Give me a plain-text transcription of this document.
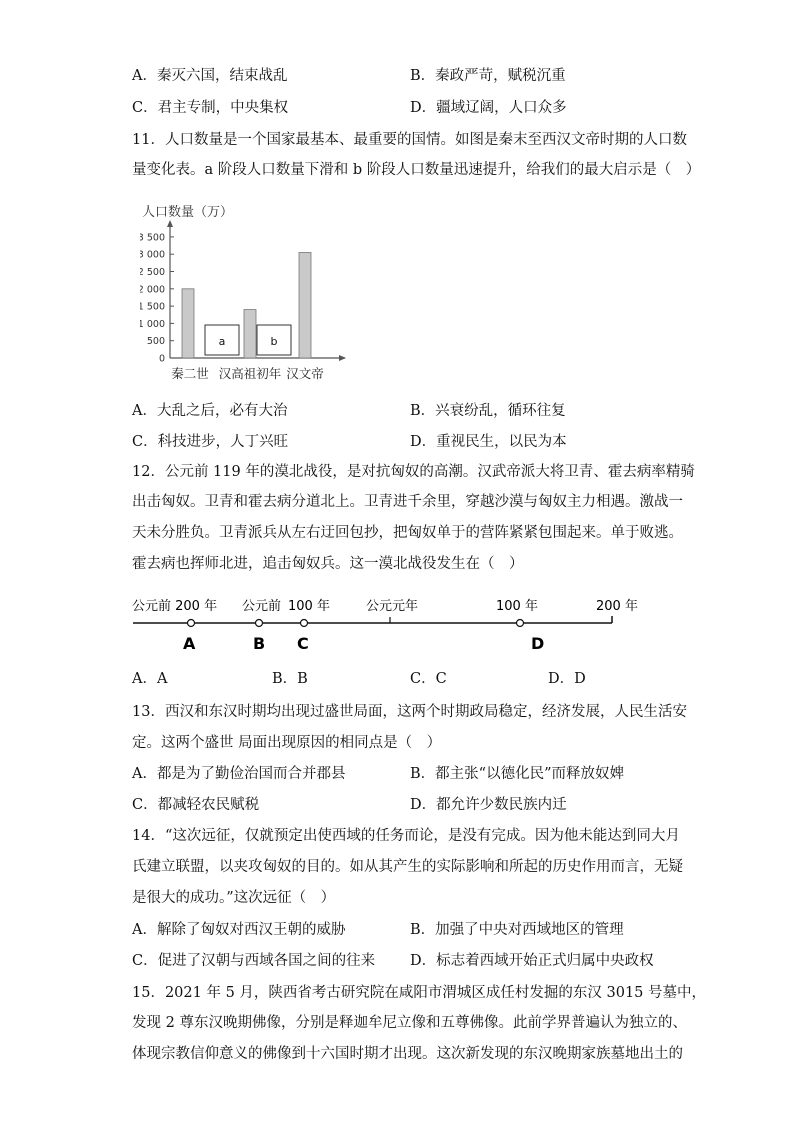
A．秦灭六国，结束战乱	B．秦政严苛，赋税沉重
C．君主专制，中央集权	D．疆域辽阔，人口众多
11．人口数量是一个国家最基本、最重要的国情。如图是秦末至西汉文帝时期的人口数
量变化表。a 阶段人口数量下滑和 b 阶段人口数量迅速提升，给我们的最大启示是（　）
人口数量（万）
0
500
1 000
1 500
2 000
2 500
3 000
3 500
a	b
秦二世 汉高祖初年 汉文帝
A．大乱之后，必有大治	B．兴衰纷乱，循环往复
C．科技进步，人丁兴旺	D．重视民生，以民为本
12．公元前 119 年的漠北战役，是对抗匈奴的高潮。汉武帝派大将卫青、霍去病率精骑
出击匈奴。卫青和霍去病分道北上。卫青进千余里，穿越沙漠与匈奴主力相遇。激战一
天未分胜负。卫青派兵从左右迂回包抄，把匈奴单于的营阵紧紧包围起来。单于败逃。
霍去病也挥师北进，追击匈奴兵。这一漠北战役发生在（　）
公元前 200 年 公元前 100 年	公元元年	100 年	200 年
A	B C	D
A．A	B．B	C．C	D．D
13．西汉和东汉时期均出现过盛世局面，这两个时期政局稳定，经济发展，人民生活安
定。这两个盛世 局面出现原因的相同点是（　）
A．都是为了勤俭治国而合并郡县	B．都主张“以德化民”而释放奴婢
C．都减轻农民赋税	D．都允许少数民族内迁
14．“这次远征，仅就预定出使西域的任务而论，是没有完成。因为他未能达到同大月
氏建立联盟，以夹攻匈奴的目的。如从其产生的实际影响和所起的历史作用而言，无疑
是很大的成功。”这次远征（　）
A．解除了匈奴对西汉王朝的威胁	B．加强了中央对西域地区的管理
C．促进了汉朝与西域各国之间的往来 D．标志着西域开始正式归属中央政权
15．2021 年 5 月，陕西省考古研究院在咸阳市渭城区成任村发掘的东汉 3015 号墓中，
发现 2 尊东汉晚期佛像，分别是释迦牟尼立像和五尊佛像。此前学界普遍认为独立的、
体现宗教信仰意义的佛像到十六国时期才出现。这次新发现的东汉晚期家族墓地出土的
